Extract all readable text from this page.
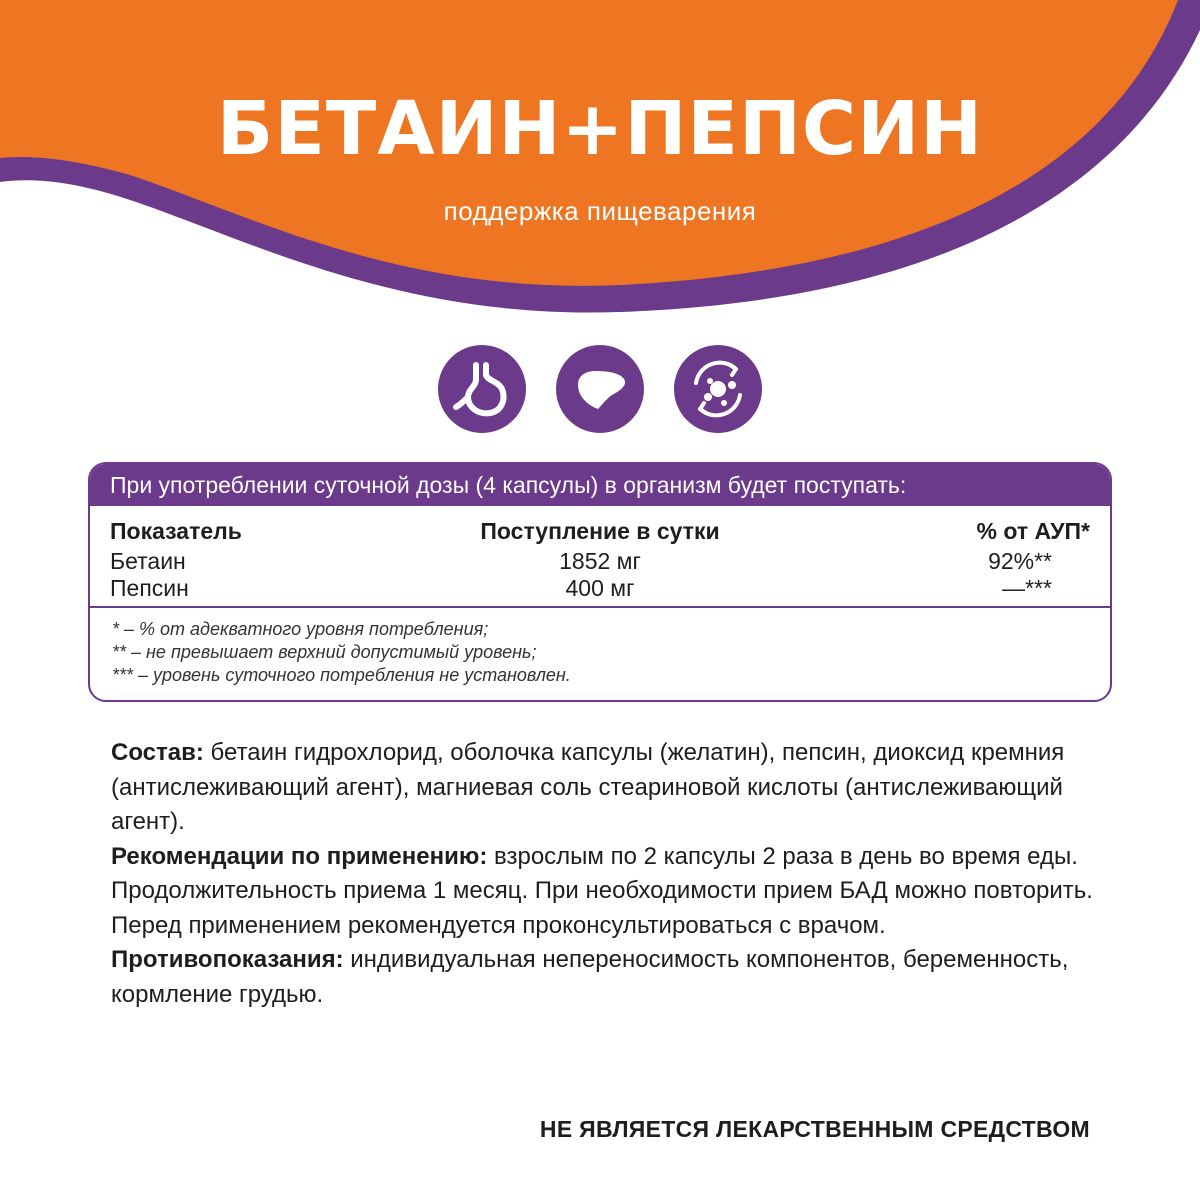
БЕТАИН+ПЕПСИН
поддержка пищеварения
При употреблении суточной дозы (4 капсулы) в организм будет поступать:
Показатель	Поступление в сутки	% от АУП*
Бетаин	1852 мг	92%**
Пепсин	400 мг	—***
* – % от адекватного уровня потребления;
** – не превышает верхний допустимый уровень;
*** – уровень суточного потребления не установлен.

Состав: бетаин гидрохлорид, оболочка капсулы (желатин), пепсин, диоксид кремния (антислеживающий агент), магниевая соль стеариновой кислоты (антислеживающий агент).

Рекомендации по применению: взрослым по 2 капсулы 2 раза в день во время еды. Продолжительность приема 1 месяц. При необходимости прием БАД можно повторить. Перед применением рекомендуется проконсультироваться с врачом.

Противопоказания: индивидуальная непереносимость компонентов, беременность, кормление грудью.

НЕ ЯВЛЯЕТСЯ ЛЕКАРСТВЕННЫМ СРЕДСТВОМ
